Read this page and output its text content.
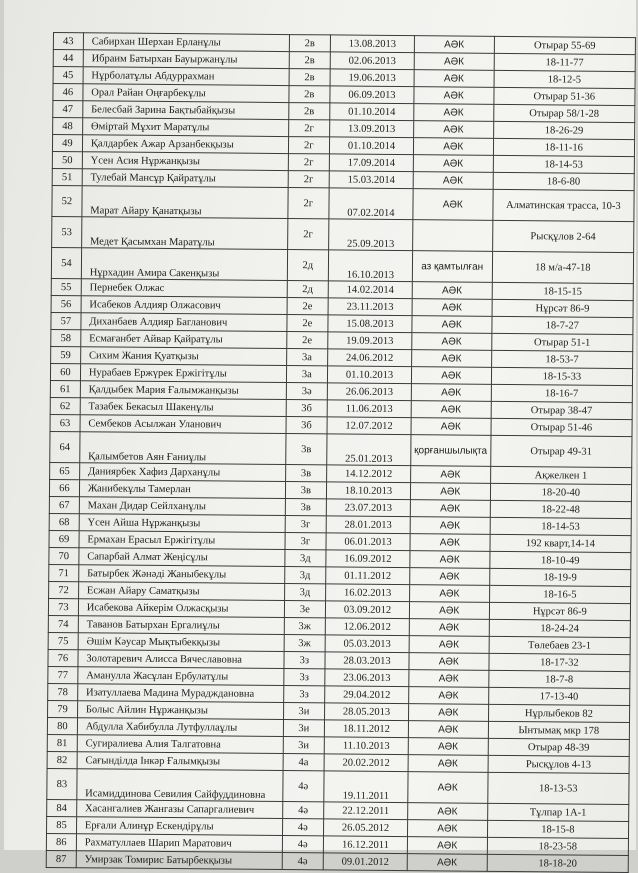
43	Сабирхан Шерхан Ерланұлы	2в	13.08.2013	АӘК	Отырар 55-69
44	Ибраим Батырхан Бауыржанұлы	2в	02.06.2013	АӘК	18-11-77
45	Нұрболатұлы Абдуррахман	2в	19.06.2013	АӘК	18-12-5
46	Орал Райан Оңғарбекұлы	2в	06.09.2013	АӘК	Отырар 51-36
47	Белесбай Зарина Бақтыбайқызы	2в	01.10.2014	АӘК	Отырар 58/1-28
48	Өміртай Мұхит Маратұлы	2г	13.09.2013	АӘК	18-26-29
49	Қалдарбек Ажар Арзанбекқызы	2г	01.10.2014	АӘК	18-11-16
50	Үсен Асия Нұржанқызы	2г	17.09.2014	АӘК	18-14-53
51	Тулебай Мансұр Қайратұлы	2г	15.03.2014	АӘК	18-6-80
52	Марат Айару Қанатқызы	2г	07.02.2014	АӘК	Алматинская трасса, 10-3
53	Медет Қасымхан Маратұлы	2г	25.09.2013		Рысқұлов 2-64
54	Нұрхадин Амира Сакенқызы	2д	16.10.2013	аз қамтылған	18 м/а-47-18
55	Пернебек Олжас	2д	14.02.2014	АӘК	18-15-15
56	Исабеков Алдияр Олжасович	2е	23.11.2013	АӘК	Нұрсәт 86-9
57	Диханбаев Алдияр Багланович	2е	15.08.2013	АӘК	18-7-27
58	Есмағанбет Айвар Қайратұлы	2е	19.09.2013	АӘК	Отырар 51-1
59	Сихим Жания Қуатқызы	3а	24.06.2012	АӘК	18-53-7
60	Нурабаев Ержүрек Ержігітұлы	3а	01.10.2013	АӘК	18-15-33
61	Қалдыбек Мария Ғалымжанқызы	3ә	26.06.2013	АӘК	18-16-7
62	Тазабек Бекасыл Шакенұлы	3б	11.06.2013	АӘК	Отырар 38-47
63	Сембеков Асылжан Уланович	3б	12.07.2012	АӘК	Отырар 51-46
64	Қалымбетов Аян Ғаниұлы	3в	25.01.2013	қорғаншылықта	Отырар 49-31
65	Данияр6ек Хафиз Дарханұлы	3в	14.12.2012	АӘК	Ақжелкен 1
66	Жанибекұлы Тамерлан	3в	18.10.2013	АӘК	18-20-40
67	Махан Дидар Сейлханұлы	3в	23.07.2013	АӘК	18-22-48
68	Үсен Айша Нұржанқызы	3г	28.01.2013	АӘК	18-14-53
69	Ермахан Ерасыл Ержігітұлы	3г	06.01.2013	АӘК	192 кварт,14-14
70	Сапарбай Алмат Жеңісұлы	3д	16.09.2012	АӘК	18-10-49
71	Батырбек Жәнәді Жаныбекұлы	3д	01.11.2012	АӘК	18-19-9
72	Есжан Айару Саматқызы	3д	16.02.2013	АӘК	18-16-5
73	Исабекова Айкерім Олжасқызы	3е	03.09.2012	АӘК	Нұрсәт 86-9
74	Таванов Батырхан Ергалиұлы	3ж	12.06.2012	АӘК	18-24-24
75	Әшім Кәусар Мықтыбекқызы	3ж	05.03.2013	АӘК	Төлебаев 23-1
76	Золотаревич Алисса Вячеславовна	3з	28.03.2013	АӘК	18-17-32
77	Аманулла Жасұлан Ербулатұлы	3з	23.06.2013	АӘК	18-7-8
78	Изатуллаева Мадина Мурадждановна	3з	29.04.2012	АӘК	17-13-40
79	Болыс Айлин Нұржанқызы	3и	28.05.2013	АӘК	Нұрлыбеков 82
80	Абдулла Хабибулла Лутфуллаұлы	3и	18.11.2012	АӘК	Ынтымақ мкр 178
81	Сугиралиева Алия Талгатовна	3и	11.10.2013	АӘК	Отырар 48-39
82	Сағынділда Інкәр Ғалымқызы	4а	20.02.2012	АӘК	Рысқұлов 4-13
83	Исамиддинова Севилия Сайфуддиновна	4ә	19.11.2011	АӘК	18-13-53
84	Хасангалиев Жангазы Сапаргалиевич	4ә	22.12.2011	АӘК	Тұлпар 1А-1
85	Ерғали Алинұр Ескендірұлы	4ә	26.05.2012	АӘК	18-15-8
86	Рахматуллаев Шарип Маратович	4ә	16.12.2011	АӘК	18-23-58
87	Умирзак Томирис Батырбекқызы	4ә	09.01.2012	АӘК	18-18-20
